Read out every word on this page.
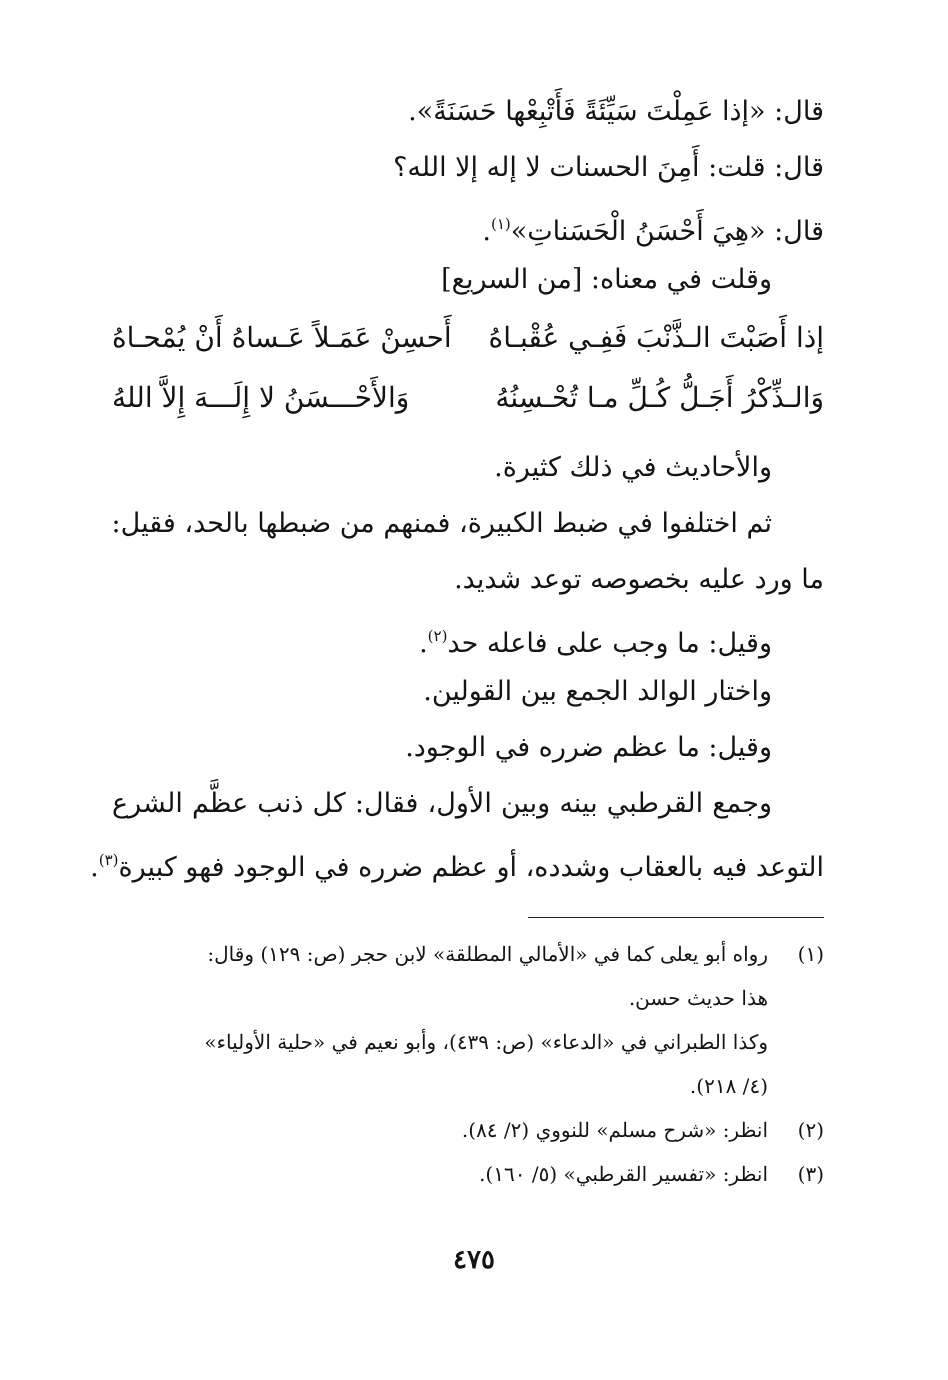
قال: «إذا عَمِلْتَ سَيِّئَةً فَأَتْبِعْها حَسَنَةً».
قال: قلت: أَمِنَ الحسنات لا إله إلا الله؟
قال: «هِيَ أَحْسَنُ الْحَسَناتِ»$^{(١)}$.
وقلت في معناه: [من السريع]
إذا أَصَبْتَ الـذَّنْبَ فَفِـي عُقْبـاهُ
أَحسِنْ عَمَـلاً عَـساهُ أَنْ يُمْحـاهُ
وَالـذِّكْرُ أَجَـلُّ كُـلِّ مـا تُحْـسِنُهُ
وَالأَحْـــسَنُ لا إِلَـــهَ إِلاَّ اللهُ
والأحاديث في ذلك كثيرة.
ثم اختلفوا في ضبط الكبيرة، فمنهم من ضبطها بالحد، فقيل:
ما ورد عليه بخصوصه توعد شديد.
وقيل: ما وجب على فاعله حد$^{(٢)}$.
واختار الوالد الجمع بين القولين.
وقيل: ما عظم ضرره في الوجود.
وجمع القرطبي بينه وبين الأول، فقال: كل ذنب عظَّم الشرع
التوعد فيه بالعقاب وشدده، أو عظم ضرره في الوجود فهو كبيرة$^{(٣)}$.
(١)
رواه أبو يعلى كما في «الأمالي المطلقة» لابن حجر (ص: ١٢٩) وقال:
هذا حديث حسن.
وكذا الطبراني في «الدعاء» (ص: ٤٣٩)، وأبو نعيم في «حلية الأولياء»
(٤/ ٢١٨).
(٢)
انظر: «شرح مسلم» للنووي (٢/ ٨٤).
(٣)
انظر: «تفسير القرطبي» (٥/ ١٦٠).
٤٧٥
